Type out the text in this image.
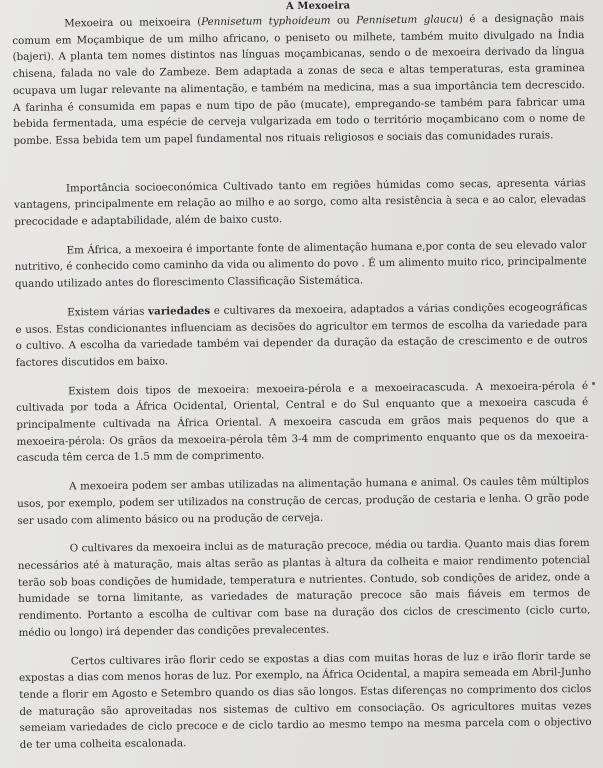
A Mexoeira

Mexoeira ou meixoeira (Pennisetum typhoideum ou Pennisetum glaucu) é a designação mais comum em Moçambique de um milho africano, o peniseto ou milhete, também muito divulgado na Índia (bajeri). A planta tem nomes distintos nas línguas moçambicanas, sendo o de mexoeira derivado da língua chisena, falada no vale do Zambeze. Bem adaptada a zonas de seca e altas temperaturas, esta graminea ocupava um lugar relevante na alimentação, e também na medicina, mas a sua importância tem decrescido. A farinha é consumida em papas e num tipo de pão (mucate), empregando-se também para fabricar uma bebida fermentada, uma espécie de cerveja vulgarizada em todo o território moçambicano com o nome de pombe. Essa bebida tem um papel fundamental nos rituais religiosos e sociais das comunidades rurais.

Importância socioeconómica Cultivado tanto em regiões húmidas como secas, apresenta várias vantagens, principalmente em relação ao milho e ao sorgo, como alta resistência à seca e ao calor, elevadas precocidade e adaptabilidade, além de baixo custo.

Em África, a mexoeira é importante fonte de alimentação humana e,por conta de seu elevado valor nutritivo, é conhecido como caminho da vida ou alimento do povo . É um alimento muito rico, principalmente quando utilizado antes do florescimento Classificação Sistemática.

Existem várias variedades e cultivares da mexoeira, adaptados a várias condições ecogeográficas e usos. Estas condicionantes influenciam as decisões do agricultor em termos de escolha da variedade para o cultivo. A escolha da variedade também vai depender da duração da estação de crescimento e de outros factores discutidos em baixo.

Existem dois tipos de mexoeira: mexoeira-pérola e a mexoeiracascuda. A mexoeira-pérola é cultivada por toda a África Ocidental, Oriental, Central e do Sul enquanto que a mexoeira cascuda é principalmente cultivada na África Oriental. A mexoeira cascuda em grãos mais pequenos do que a mexoeira-pérola: Os grãos da mexoeira-pérola têm 3-4 mm de comprimento enquanto que os da mexoeira-cascuda têm cerca de 1.5 mm de comprimento.

A mexoeira podem ser ambas utilizadas na alimentação humana e animal. Os caules têm múltiplos usos, por exemplo, podem ser utilizados na construção de cercas, produção de cestaria e lenha. O grão pode ser usado com alimento básico ou na produção de cerveja.

O cultivares da mexoeira inclui as de maturação precoce, média ou tardia. Quanto mais dias forem necessários até à maturação, mais altas serão as plantas à altura da colheita e maior rendimento potencial terão sob boas condições de humidade, temperatura e nutrientes. Contudo, sob condições de aridez, onde a humidade se torna limitante, as variedades de maturação precoce são mais fiáveis em termos de rendimento. Portanto a escolha de cultivar com base na duração dos ciclos de crescimento (ciclo curto, médio ou longo) irá depender das condições prevalecentes.

Certos cultivares irão florir cedo se expostas a dias com muitas horas de luz e irão florir tarde se expostas a dias com menos horas de luz. Por exemplo, na África Ocidental, a mapira semeada em Abril-Junho tende a florir em Agosto e Setembro quando os dias são longos. Estas diferenças no comprimento dos ciclos de maturação são aproveitadas nos sistemas de cultivo em consociação. Os agricultores muitas vezes semeiam variedades de ciclo precoce e de ciclo tardio ao mesmo tempo na mesma parcela com o objectivo de ter uma colheita escalonada.
